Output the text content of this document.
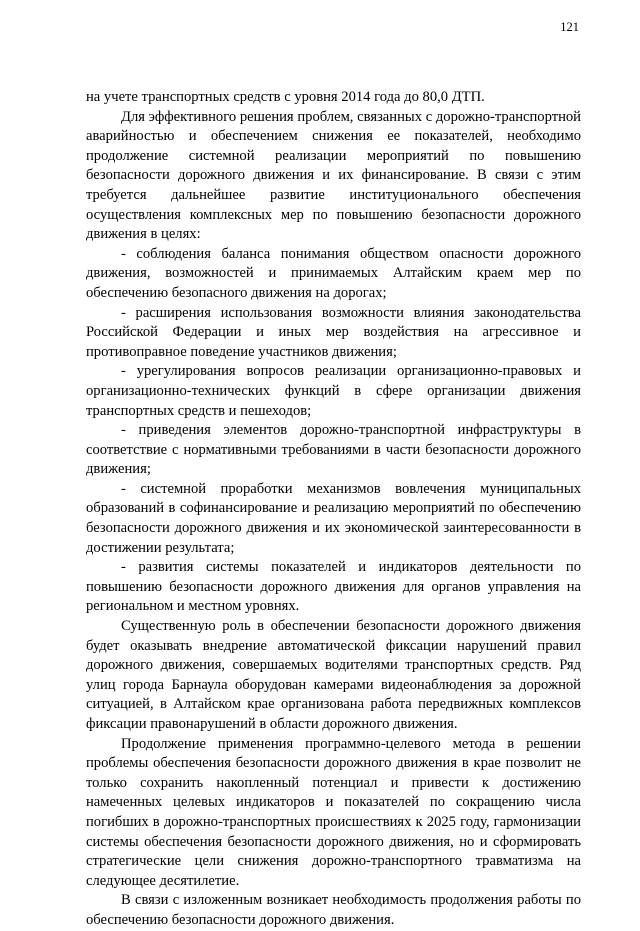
121

на учете транспортных средств с уровня 2014 года до 80,0 ДТП.

Для эффективного решения проблем, связанных с дорожно-транспортной аварийностью и обеспечением снижения ее показателей, необходимо продолжение системной реализации мероприятий по повышению безопасности дорожного движения и их финансирование. В связи с этим требуется дальнейшее развитие институционального обеспечения осуществления комплексных мер по повышению безопасности дорожного движения в целях:

- соблюдения баланса понимания обществом опасности дорожного движения, возможностей и принимаемых Алтайским краем мер по обеспечению безопасного движения на дорогах;

- расширения использования возможности влияния законодательства Российской Федерации и иных мер воздействия на агрессивное и противоправное поведение участников движения;

- урегулирования вопросов реализации организационно-правовых и организационно-технических функций в сфере организации движения транспортных средств и пешеходов;

- приведения элементов дорожно-транспортной инфраструктуры в соответствие с нормативными требованиями в части безопасности дорожного движения;

- системной проработки механизмов вовлечения муниципальных образований в софинансирование и реализацию мероприятий по обеспечению безопасности дорожного движения и их экономической заинтересованности в достижении результата;

- развития системы показателей и индикаторов деятельности по повышению безопасности дорожного движения для органов управления на региональном и местном уровнях.

Существенную роль в обеспечении безопасности дорожного движения будет оказывать внедрение автоматической фиксации нарушений правил дорожного движения, совершаемых водителями транспортных средств. Ряд улиц города Барнаула оборудован камерами видеонаблюдения за дорожной ситуацией, в Алтайском крае организована работа передвижных комплексов фиксации правонарушений в области дорожного движения.

Продолжение применения программно-целевого метода в решении проблемы обеспечения безопасности дорожного движения в крае позволит не только сохранить накопленный потенциал и привести к достижению намеченных целевых индикаторов и показателей по сокращению числа погибших в дорожно-транспортных происшествиях к 2025 году, гармонизации системы обеспечения безопасности дорожного движения, но и сформировать стратегические цели снижения дорожно-транспортного травматизма на следующее десятилетие.

В связи с изложенным возникает необходимость продолжения работы по обеспечению безопасности дорожного движения.
